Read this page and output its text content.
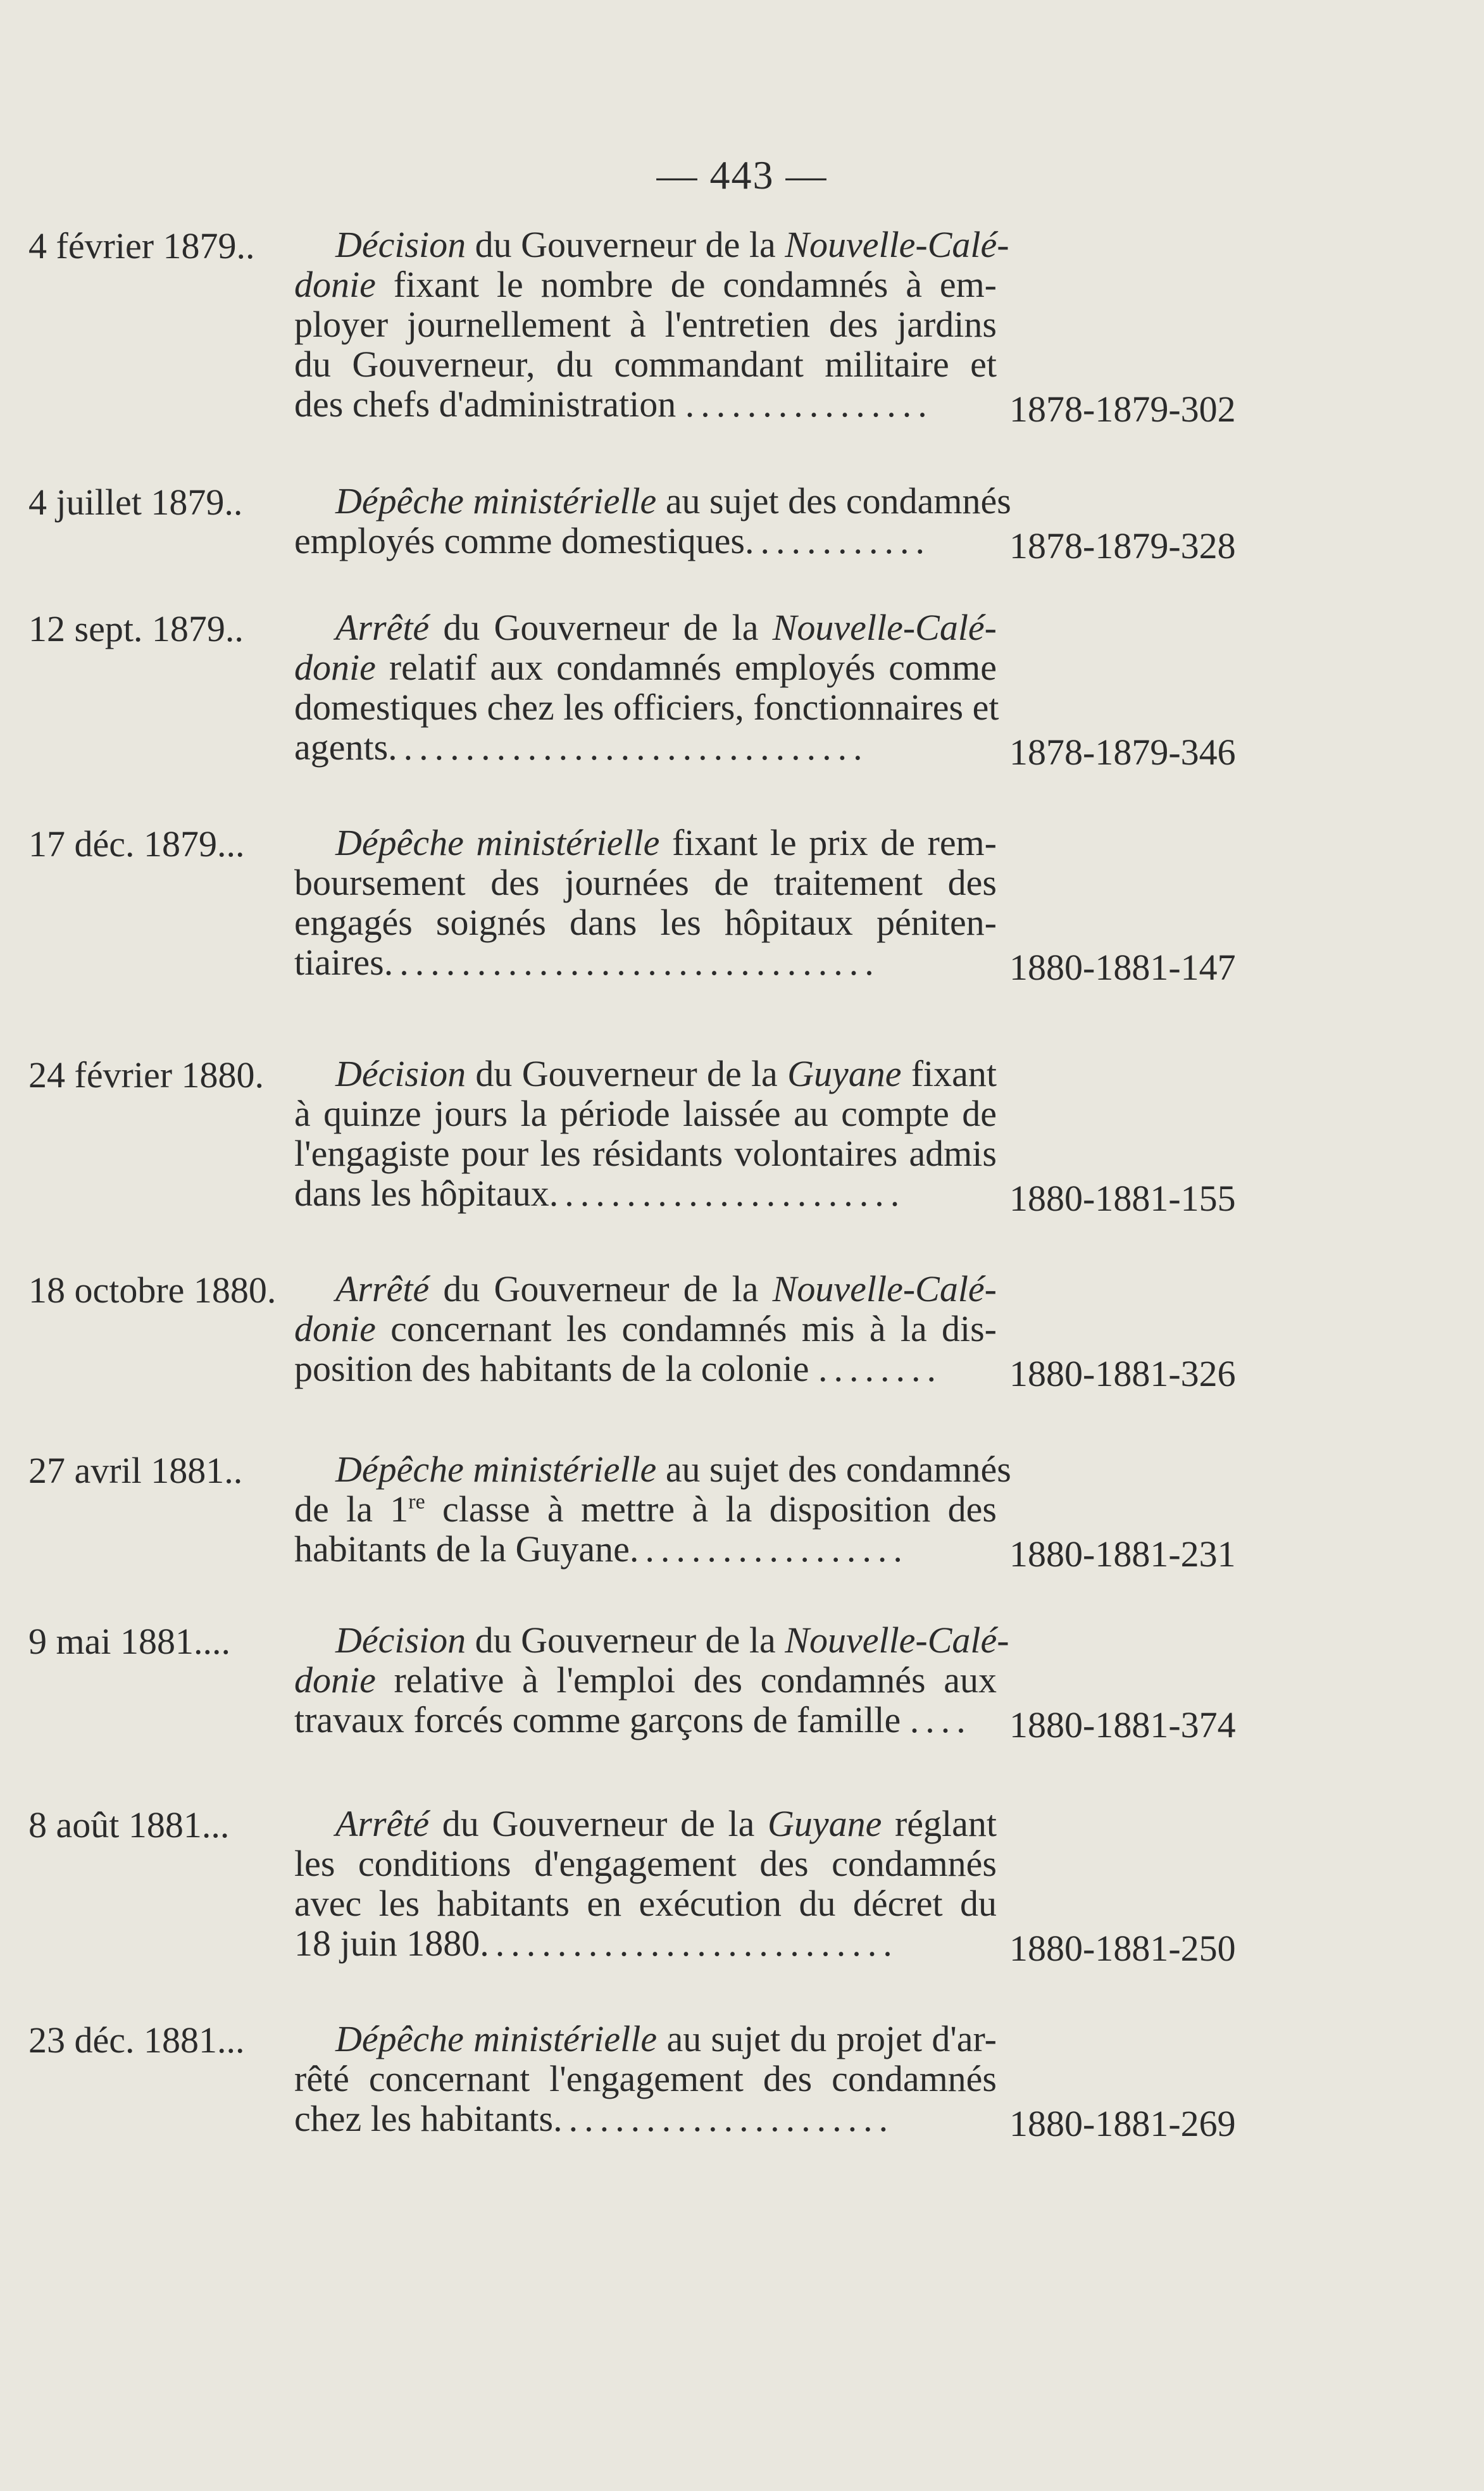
— 443 —
4 février 1879..	Décision du Gouverneur de la Nouvelle-Calé-
donie fixant le nombre de condamnés à em-
ployer journellement à l'entretien des jardins
du Gouverneur, du commandant militaire et
des chefs d'administration ................	1878-1879-302
4 juillet 1879..	Dépêche ministérielle au sujet des condamnés
employés comme domestiques ............	1878-1879-328
12 sept. 1879..	Arrêté du Gouverneur de la Nouvelle-Calé-
donie relatif aux condamnés employés comme
domestiques chez les officiers, fonctionnaires et
agents ...............................	1878-1879-346
17 déc. 1879...	Dépêche ministérielle fixant le prix de rem-
boursement des journées de traitement des
engagés soignés dans les hôpitaux péniten-
tiaires ................................	1880-1881-147
24 février 1880.	Décision du Gouverneur de la Guyane fixant
à quinze jours la période laissée au compte de
l'engagiste pour les résidants volontaires admis
dans les hôpitaux .......................	1880-1881-155
18 octobre 1880.	Arrêté du Gouverneur de la Nouvelle-Calé-
donie concernant les condamnés mis à la dis-
position des habitants de la colonie ........	1880-1881-326
27 avril 1881..	Dépêche ministérielle au sujet des condamnés
de la 1re classe à mettre à la disposition des
habitants de la Guyane ..................	1880-1881-231
9 mai 1881....	Décision du Gouverneur de la Nouvelle-Calé-
donie relative à l'emploi des condamnés aux
travaux forcés comme garçons de famille ....	1880-1881-374
8 août 1881...	Arrêté du Gouverneur de la Guyane réglant
les conditions d'engagement des condamnés
avec les habitants en exécution du décret du
18 juin 1880 ...........................	1880-1881-250
23 déc. 1881...	Dépêche ministérielle au sujet du projet d'ar-
rêté concernant l'engagement des condamnés
chez les habitants ......................	1880-1881-269
